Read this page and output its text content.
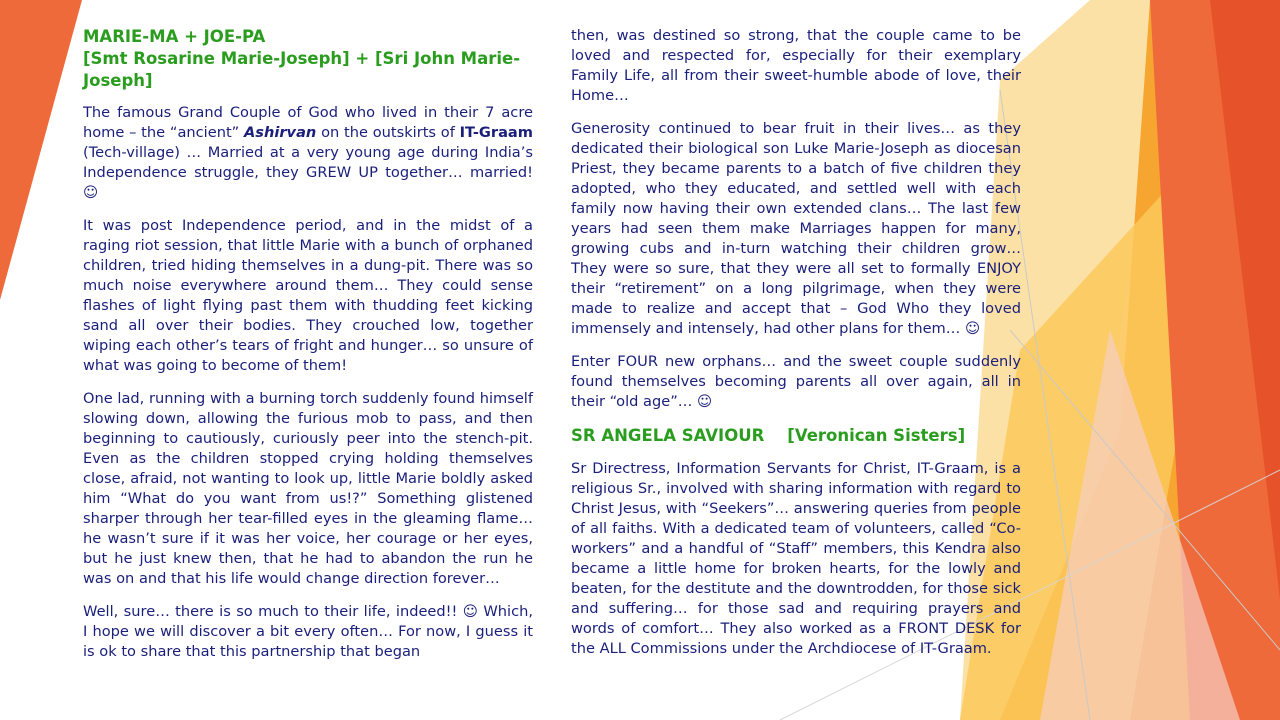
MARIE-MA + JOE-PA
[Smt Rosarine Marie-Joseph] + [Sri John Marie-Joseph]

The famous Grand Couple of God who lived in their 7 acre home – the “ancient” Ashirvan on the outskirts of IT-Graam (Tech-village) … Married at a very young age during India’s Independence struggle, they GREW UP together… married! ☺

It was post Independence period, and in the midst of a raging riot session, that little Marie with a bunch of orphaned children, tried hiding themselves in a dung-pit. There was so much noise everywhere around them… They could sense flashes of light flying past them with thudding feet kicking sand all over their bodies. They crouched low, together wiping each other’s tears of fright and hunger… so unsure of what was going to become of them!

One lad, running with a burning torch suddenly found himself slowing down, allowing the furious mob to pass, and then beginning to cautiously, curiously peer into the stench-pit. Even as the children stopped crying holding themselves close, afraid, not wanting to look up, little Marie boldly asked him “What do you want from us!?” Something glistened sharper through her tear-filled eyes in the gleaming flame… he wasn’t sure if it was her voice, her courage or her eyes, but he just knew then, that he had to abandon the run he was on and that his life would change direction forever…

Well, sure… there is so much to their life, indeed!! ☺ Which, I hope we will discover a bit every often… For now, I guess it is ok to share that this partnership that began

then, was destined so strong, that the couple came to be loved and respected for, especially for their exemplary Family Life, all from their sweet-humble abode of love, their Home…

Generosity continued to bear fruit in their lives… as they dedicated their biological son Luke Marie-Joseph as diocesan Priest, they became parents to a batch of five children they adopted, who they educated, and settled well with each family now having their own extended clans… The last few years had seen them make Marriages happen for many, growing cubs and in-turn watching their children grow… They were so sure, that they were all set to formally ENJOY their “retirement” on a long pilgrimage, when they were made to realize and accept that – God Who they loved immensely and intensely, had other plans for them… ☺

Enter FOUR new orphans… and the sweet couple suddenly found themselves becoming parents all over again, all in their “old age”… ☺

SR ANGELA SAVIOUR    [Veronican Sisters]

Sr Directress, Information Servants for Christ, IT-Graam, is a religious Sr., involved with sharing information with regard to Christ Jesus, with “Seekers”… answering queries from people of all faiths. With a dedicated team of volunteers, called “Co-workers” and a handful of “Staff” members, this Kendra also became a little home for broken hearts, for the lowly and beaten, for the destitute and the downtrodden, for those sick and suffering… for those sad and requiring prayers and words of comfort… They also worked as a FRONT DESK for the ALL Commissions under the Archdiocese of IT-Graam.
